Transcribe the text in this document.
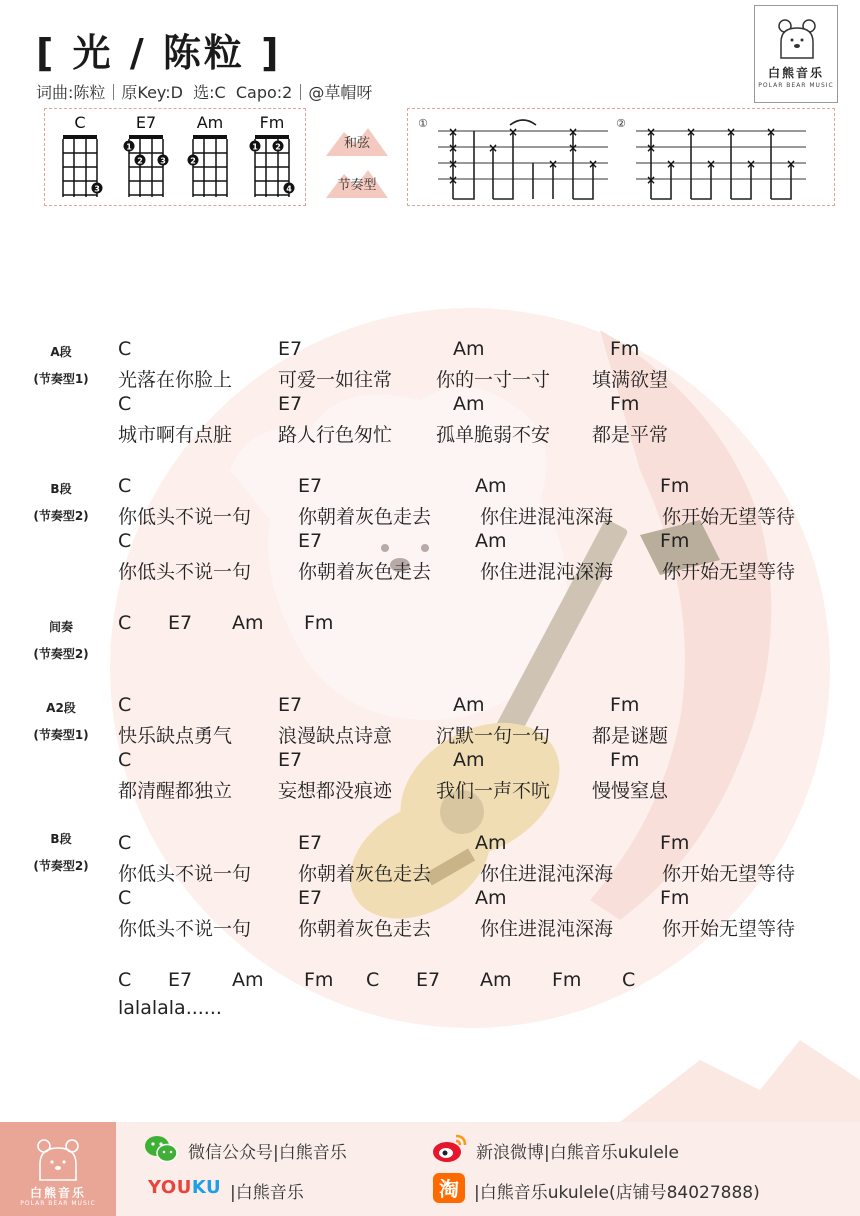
[ 光 / 陈粒 ]
词曲:陈粒｜原Key:D  选:C  Capo:2｜@草帽呀
白熊音乐
POLAR BEAR MUSIC
C
3
E7
1
2 3
Am
2
Fm
1 2
4
和弦
节奏型
①	②
×
×
×
×
×
×
×
×
×
×
×
×
×
×
×
×
×
×
×
×
A段
(节奏型1)
C	E7	Am	Fm
光落在你脸上 可爱一如往常 你的一寸一寸 填满欲望
C	E7	Am	Fm
城市啊有点脏 路人行色匆忙 孤单脆弱不安 都是平常
B段
(节奏型2)
C	E7	Am	Fm
你低头不说一句 你朝着灰色走去	你住进混沌深海	你开始无望等待
C	E7	Am	Fm
你低头不说一句 你朝着灰色走去	你住进混沌深海	你开始无望等待
间奏
(节奏型2)
C E7 Am Fm
A2段
(节奏型1)
C	E7	Am	Fm
快乐缺点勇气 浪漫缺点诗意 沉默一句一句 都是谜题
C	E7	Am	Fm
都清醒都独立 妄想都没痕迹 我们一声不吭 慢慢窒息
B段
(节奏型2)
C	E7	Am	Fm
你低头不说一句 你朝着灰色走去	你住进混沌深海	你开始无望等待
C	E7	Am	Fm
你低头不说一句 你朝着灰色走去	你住进混沌深海	你开始无望等待
C E7 Am Fm C E7 Am Fm C
lalalala......
白熊音乐
POLAR BEAR MUSIC
微信公众号|白熊音乐	新浪微博|白熊音乐ukulele
YOUKU |白熊音乐	淘 |白熊音乐ukulele(店铺号84027888)
